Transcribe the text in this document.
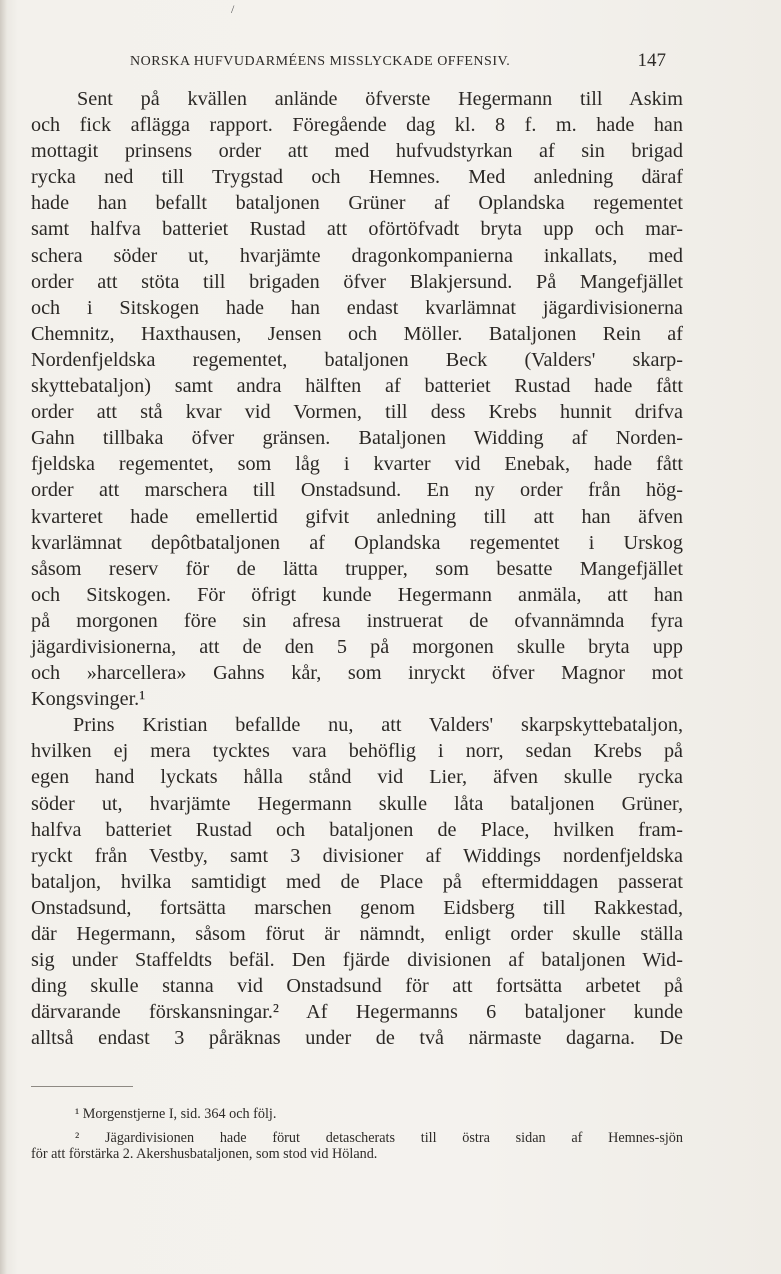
/
NORSKA HUFVUDARMÉENS MISSLYCKADE OFFENSIV.	147
Sent på kvällen anlände öfverste Hegermann till Askim
och fick aflägga rapport. Föregående dag kl. 8 f. m. hade han
mottagit prinsens order att med hufvudstyrkan af sin brigad
rycka ned till Trygstad och Hemnes. Med anledning däraf
hade han befallt bataljonen Grüner af Oplandska regementet
samt halfva batteriet Rustad att oförtöfvadt bryta upp och mar-
schera söder ut, hvarjämte dragonkompanierna inkallats, med
order att stöta till brigaden öfver Blakjersund. På Mangefjället
och i Sitskogen hade han endast kvarlämnat jägardivisionerna
Chemnitz, Haxthausen, Jensen och Möller. Bataljonen Rein af
Nordenfjeldska regementet, bataljonen Beck (Valders' skarp-
skyttebataljon) samt andra hälften af batteriet Rustad hade fått
order att stå kvar vid Vormen, till dess Krebs hunnit drifva
Gahn tillbaka öfver gränsen. Bataljonen Widding af Norden-
fjeldska regementet, som låg i kvarter vid Enebak, hade fått
order att marschera till Onstadsund. En ny order från hög-
kvarteret hade emellertid gifvit anledning till att han äfven
kvarlämnat depôtbataljonen af Oplandska regementet i Urskog
såsom reserv för de lätta trupper, som besatte Mangefjället
och Sitskogen. För öfrigt kunde Hegermann anmäla, att han
på morgonen före sin afresa instruerat de ofvannämnda fyra
jägardivisionerna, att de den 5 på morgonen skulle bryta upp
och »harcellera» Gahns kår, som inryckt öfver Magnor mot
Kongsvinger.¹
Prins Kristian befallde nu, att Valders' skarpskyttebataljon,
hvilken ej mera tycktes vara behöflig i norr, sedan Krebs på
egen hand lyckats hålla stånd vid Lier, äfven skulle rycka
söder ut, hvarjämte Hegermann skulle låta bataljonen Grüner,
halfva batteriet Rustad och bataljonen de Place, hvilken fram-
ryckt från Vestby, samt 3 divisioner af Widdings nordenfjeldska
bataljon, hvilka samtidigt med de Place på eftermiddagen passerat
Onstadsund, fortsätta marschen genom Eidsberg till Rakkestad,
där Hegermann, såsom förut är nämndt, enligt order skulle ställa
sig under Staffeldts befäl. Den fjärde divisionen af bataljonen Wid-
ding skulle stanna vid Onstadsund för att fortsätta arbetet på
därvarande förskansningar.² Af Hegermanns 6 bataljoner kunde
alltså endast 3 påräknas under de två närmaste dagarna. De
¹ Morgenstjerne I, sid. 364 och följ.
² Jägardivisionen hade förut detascherats till östra sidan af Hemnes-sjön
för att förstärka 2. Akershusbataljonen, som stod vid Höland.
